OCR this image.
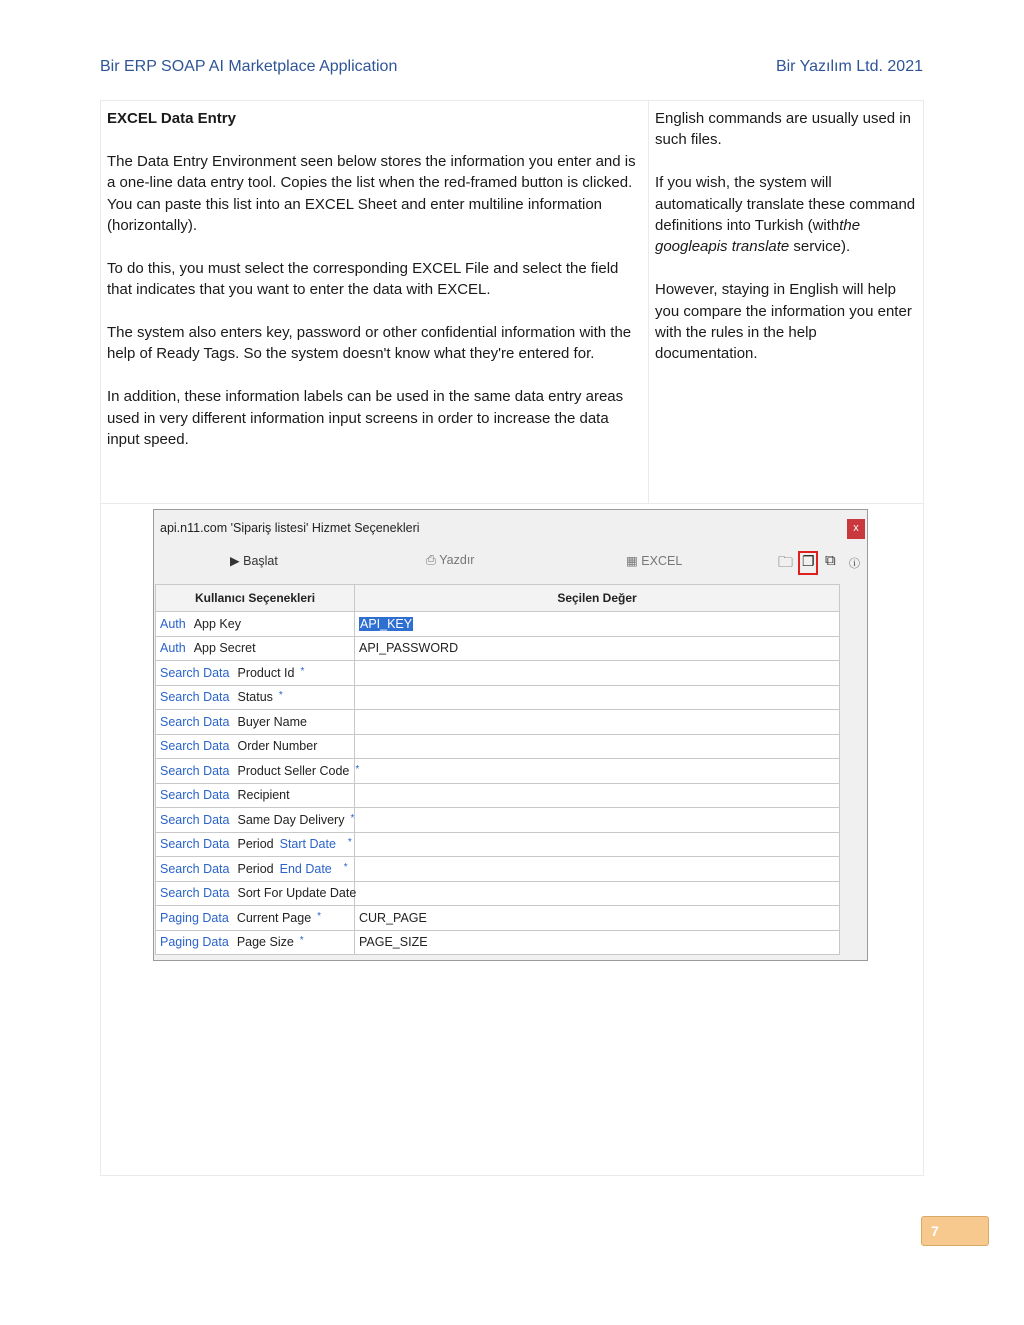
Bir ERP SOAP AI Marketplace Application	Bir Yazılım Ltd. 2021

EXCEL Data Entry

The Data Entry Environment seen below stores the information you enter and is a one-line data entry tool. Copies the list when the red-framed button is clicked. You can paste this list into an EXCEL Sheet and enter multiline information (horizontally).

To do this, you must select the corresponding EXCEL File and select the field that indicates that you want to enter the data with EXCEL.

The system also enters key, password or other confidential information with the help of Ready Tags. So the system doesn't know what they're entered for.

In addition, these information labels can be used in the same data entry areas used in very different information input screens in order to increase the data input speed.

English commands are usually used in such files.

If you wish, the system will automatically translate these command definitions into Turkish (withthe googleapis translate service).

However, staying in English will help you compare the information you enter with the rules in the help documentation.

api.n11.com 'Sipariş listesi' Hizmet Seçenekleri	x
▶ Başlat	⎙ Yazdır	▦ EXCEL	🗀 ❐ ⧉ ⓘ
Kullanıcı Seçenekleri	Seçilen Değer
Auth App Key	API_KEY
Auth App Secret	API_PASSWORD
Search Data Product Id *	
Search Data Status *	
Search Data Buyer Name	
Search Data Order Number	
Search Data Product Seller Code *	
Search Data Recipient	
Search Data Same Day Delivery *	
Search Data Period Start Date *	
Search Data Period End Date *	
Search Data Sort For Update Date	
Paging Data Current Page *	CUR_PAGE
Paging Data Page Size *	PAGE_SIZE
7
